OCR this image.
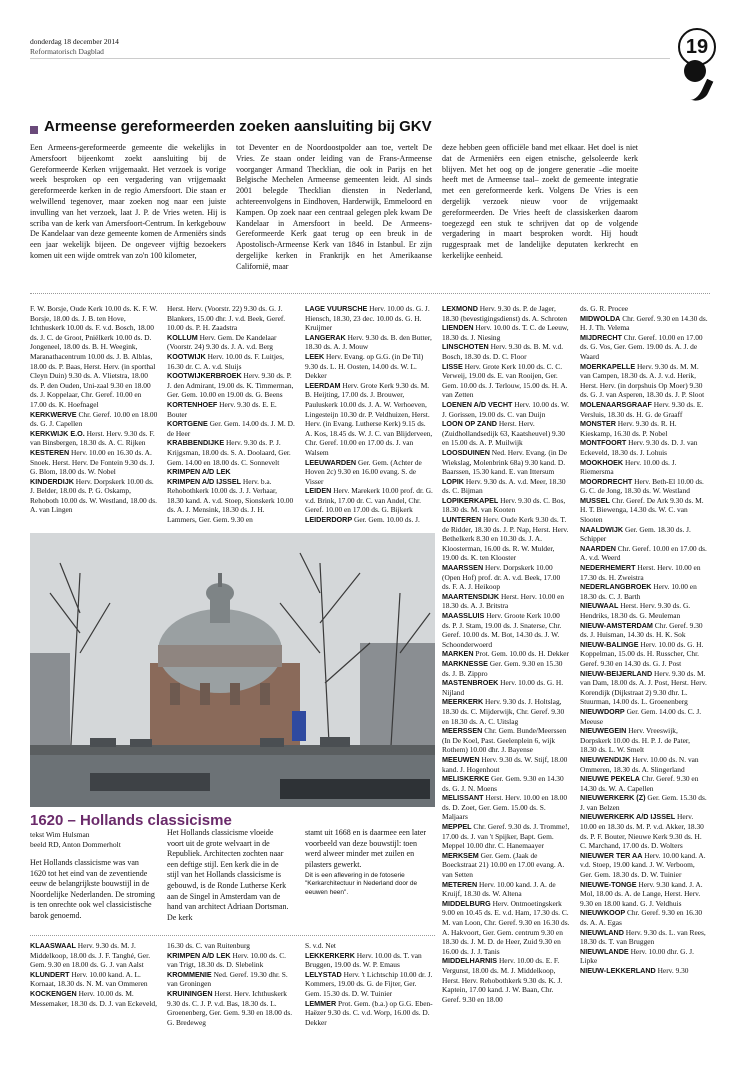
donderdag 18 december 2014
Reformatorisch Dagblad	19
Armeense gereformeerden zoeken aansluiting bij GKV
Een Armeens-gereformeerde gemeente die wekelijks in Amersfoort bijeenkomt zoekt aansluiting bij de Gereformeerde Kerken vrijgemaakt. Het verzoek is vorige week besproken op een vergadering van vrijgemaakt gereformeerde kerken in de regio Amersfoort. Die staan er welwillend tegenover, maar zoeken nog naar een juiste invulling van het verzoek, laat J. P. de Vries weten. Hij is scriba van de kerk van Amersfoort-Centrum. In kerkgebouw De Kandelaar van deze gemeente komen de Armeniërs sinds een jaar wekelijk bijeen. De ongeveer vijftig bezoekers komen uit een wijde omtrek van zo'n 100 kilometer,
tot Deventer en de Noordoostpolder aan toe, vertelt De Vries. Ze staan onder leiding van de Frans-Armeense voorganger Armand Thecklian, die ook in Parijs en het Belgische Mechelen Armeense gemeenten leidt. Al sinds 2001 belegde Thecklian diensten in Nederland, achtereenvolgens in Eindhoven, Harderwijk, Emmeloord en Kampen. Op zoek naar een centraal gelegen plek kwam De Kandelaar in Amersfoort in beeld. De Armeens-Gereformeerde Kerk gaat terug op een breuk in de Apostolisch-Armeense Kerk van 1846 in Istanbul. Er zijn dergelijke kerken in Frankrijk en het Amerikaanse Californië, maar
deze hebben geen officiële band met elkaar. Het doel is niet dat de Armeniërs een eigen etnische, gelsoleerde kerk blijven. Met het oog op de jongere generatie –die moeite heeft met de Armeense taal– zoekt de gemeente integratie met een gereformeerde kerk. Volgens De Vries is een dergelijk verzoek nieuw voor de vrijgemaakt gereformeerden. De Vries heeft de classiskerken daarom toegezegd een stuk te schrijven dat op de volgende vergadering in maart besproken wordt. Hij houdt ruggespraak met de landelijke deputaten kerkrecht en kerkelijke eenheid.

F. W. Borsje, Oude Kerk 10.00 ds. K. F. W. Borsje, 18.00 ds. J. B. ten Hove, Ichthuskerk 10.00 ds. F. v.d. Bosch, 18.00 ds. J. C. de Groot, Pniëlkerk 10.00 ds. D. Jongeneel, 18.00 ds. B. H. Weegink, Maranathacentrum 10.00 ds. J. B. Alblas, 18.00 ds. P. Baas, Herst. Herv. (in sporthal Cleyn Duin) 9.30 ds. A. Vlietstra, 18.00 ds. P. den Ouden, Uni-zaal 9.30 en 18.00 ds. J. Koppelaar, Chr. Geref. 10.00 en 17.00 ds. K. Hoefnagel

KERKWERVE Chr. Geref. 10.00 en 18.00 ds. G. J. Capellen

KERKWIJK E.O. Herst. Herv. 9.30 ds. F. van Binsbergen, 18.30 ds. A. C. Rijken

KESTEREN Herv. 10.00 en 16.30 ds. A. Snoek. Herst. Herv. De Fontein 9.30 ds. J. G. Blom, 18.00 ds. W. Nobel

KINDERDIJK Herv. Dorpskerk 10.00 ds. J. Belder, 18.00 ds. P. G. Oskamp, Rehoboth 10.00 ds. W. Westland, 18.00 ds. A. van Lingen

Herst. Herv. (Voorstr. 22) 9.30 ds. G. J. Blankers, 15.00 dhr. J. v.d. Beek, Geref. 10.00 ds. P. H. Zaadstra

KOLLUM Herv. Gem. De Kandelaar (Voorstr. 24) 9.30 ds. J. A. v.d. Berg

KOOTWIJK Herv. 10.00 ds. F. Luitjes, 16.30 dr. C. A. v.d. Sluijs

KOOTWIJKERBROEK Herv. 9.30 ds. P. J. den Admirant, 19.00 ds. K. Timmerman, Ger. Gem. 10.00 en 19.00 ds. G. Beens

KORTENHOEF Herv. 9.30 ds. E. E. Bouter

KORTGENE Ger. Gem. 14.00 ds. J. M. D. de Heer

KRABBENDIJKE Herv. 9.30 ds. P. J. Krijgsman, 18.00 ds. S. A. Doolaard, Ger. Gem. 14.00 en 18.00 ds. C. Sonnevelt

KRIMPEN A/D LEK

KRIMPEN A/D IJSSEL Herv. b.a. Rehobothkerk 10.00 ds. J. J. Verhaar, 18.30 kand. A. v.d. Stoep, Sionskerk 10.00 ds. A. J. Mensink, 18.30 ds. J. H. Lammers, Ger. Gem. 9.30 en

LAGE VUURSCHE Herv. 10.00 ds. G. J. Hiensch, 18.30, 23 dec. 10.00 ds. G. H. Kruijmer

LANGERAK Herv. 9.30 ds. B. den Butter, 18.30 ds. A. J. Mouw

LEEK Herv. Evang. op G.G. (in De Til) 9.30 ds. L. H. Oosten, 14.00 ds. W. L. Dekker

LEERDAM Herv. Grote Kerk 9.30 ds. M. B. Heijting, 17.00 ds. J. Brouwer, Pauluskerk 10.00 ds. J. A. W. Verhoeven, Lingesteijn 10.30 dr. P. Veldhuizen, Herst. Herv. (in Evang. Lutherse Kerk) 9.15 ds. A. Kos, 18.45 ds. W. J. C. van Blijderveen, Chr. Geref. 10.00 en 17.00 ds. J. van Walsem

LEEUWARDEN Ger. Gem. (Achter de Hoven 2c) 9.30 en 16.00 evang. S. de Visser

LEIDEN Herv. Marekerk 10.00 prof. dr. G. v.d. Brink, 17.00 dr. C. van Andel, Chr. Geref. 10.00 en 17.00 ds. G. Bijkerk

LEIDERDORP Ger. Gem. 10.00 ds. J.

LEXMOND Herv. 9.30 ds. P. de Jager, 18.30 (bevestigingsdienst) ds. A. Schroten

LIENDEN Herv. 10.00 ds. T. C. de Leeuw, 18.30 ds. J. Niesing

LINSCHOTEN Herv. 9.30 ds. B. M. v.d. Bosch, 18.30 ds. D. C. Floor

LISSE Herv. Grote Kerk 10.00 ds. C. C. Verweij, 19.00 ds. E. van Rooijen, Ger. Gem. 10.00 ds. J. Terlouw, 15.00 ds. H. A. van Zetten

LOENEN A/D VECHT Herv. 10.00 ds. W. J. Gorissen, 19.00 ds. C. van Duijn

LOON OP ZAND Herst. Herv. (Zuidhollandsedijk 63, Kaatsheuvel) 9.30 en 15.00 ds. A. P. Muilwijk

LOOSDUINEN Ned. Herv. Evang. (in De Wiekslag, Molenbrink 68a) 9.30 kand. D. Baarssen, 15.30 kand. E. van Ittersum

LOPIK Herv. 9.30 ds. A. v.d. Meer, 18.30 ds. C. Bijman

LOPIKERKAPEL Herv. 9.30 ds. C. Bos, 18.30 ds. M. van Kooten

LUNTEREN Herv. Oude Kerk 9.30 ds. T. de Ridder, 18.30 ds. J. P. Nap, Herst. Herv. Bethelkerk 8.30 en 10.30 ds. J. A. Kloosterman, 16.00 ds. R. W. Mulder, 19.00 ds. K. ten Klooster

MAARSSEN Herv. Dorpskerk 10.00 (Open Hof) prof. dr. A. v.d. Beek, 17.00 ds. F. A. J. Heikoop

MAARTENSDIJK Herst. Herv. 10.00 en 18.30 ds. A. J. Britstra

MAASSLUIS Herv. Groote Kerk 10.00 ds. P. J. Stam, 19.00 ds. J. Snaterse, Chr. Geref. 10.00 ds. M. Bot, 14.30 ds. J. W. Schoonderwoerd

MARKEN Prot. Gem. 10.00 ds. H. Dekker

MARKNESSE Ger. Gem. 9.30 en 15.30 ds. J. B. Zippro

MASTENBROEK Herv. 10.00 ds. G. H. Nijland

MEERKERK Herv. 9.30 ds. J. Holtslag, 18.30 ds. C. Mijderwijk, Chr. Geref. 9.30 en 18.30 ds. A. C. Uitslag

MEERSSEN Chr. Gem. Bunde/Meerssen (In De Koel, Past. Geelenplein 6, wijk Rothem) 10.00 dhr. J. Bayense

MEEUWEN Herv. 9.30 ds. W. Stijf, 18.00 kand. J. Hogenhout

MELISKERKE Ger. Gem. 9.30 en 14.30 ds. G. J. N. Moens

MELISSANT Herst. Herv. 10.00 en 18.00 ds. D. Zoet, Ger. Gem. 15.00 ds. S. Maljaars

MEPPEL Chr. Geref. 9.30 ds. J. Tromme!, 17.00 ds. J. van 't Spijker, Bapt. Gem. Meppel 10.00 dhr. C. Hanemaayer

MERKSEM Ger. Gem. (Jaak de Boeckstraat 21) 10.00 en 17.00 evang. A. van Setten

METEREN Herv. 10.00 kand. J. A. de Kruijf, 18.30 ds. W. Altena

MIDDELBURG Herv. Ontmoetingskerk 9.00 en 10.45 ds. E. v.d. Ham, 17.30 ds. C. M. van Loon, Chr. Geref. 9.30 en 16.30 ds. A. Hakvoort, Ger. Gem. centrum 9.30 en 18.30 ds. J. M. D. de Heer, Zuid 9.30 en 16.00 ds. J. J. Tanis

MIDDELHARNIS Herv. 10.00 ds. E. F. Vergunst, 18.00 ds. M. J. Middelkoop, Herst. Herv. Rehobothkerk 9.30 ds. K. J. Kaptein, 17.00 kand. J. W. Baan, Chr. Geref. 9.30 en 18.00

ds. G. R. Procee

MIDWOLDA Chr. Geref. 9.30 en 14.30 ds. H. J. Th. Velema

MIJDRECHT Chr. Geref. 10.00 en 17.00 ds. G. Vos, Ger. Gem. 19.00 ds. A. J. de Waard

MOERKAPELLE Herv. 9.30 ds. M. M. van Campen, 18.30 ds. A. J. v.d. Herik, Herst. Herv. (in dorpshuis Op Moer) 9.30 ds. G. J. van Asperen, 18.30 ds. J. P. Sloot

MOLENAARSGRAAF Herv. 9.30 ds. E. Versluis, 18.30 ds. H. G. de Graaff

MONSTER Herv. 9.30 ds. R. H. Kieskamp, 16.30 ds. P. Nobel

MONTFOORT Herv. 9.30 ds. D. J. van Eckeveld, 18.30 ds. J. Lohuis

MOOKHOEK Herv. 10.00 ds. J. Riemersma

MOORDRECHT Herv. Beth-El 10.00 ds. G. C. de Jong, 18.30 ds. W. Westland

MUSSEL Chr. Geref. De Ark 9.30 ds. M. H. T. Biewenga, 14.30 ds. W. C. van Slooten

NAALDWIJK Ger. Gem. 18.30 ds. J. Schipper

NAARDEN Chr. Geref. 10.00 en 17.00 ds. A. v.d. Weerd

NEDERHEMERT Herst. Herv. 10.00 en 17.30 ds. H. Zweistra

NEDERLANGBROEK Herv. 10.00 en 18.30 ds. C. J. Barth

NIEUWAAL Herst. Herv. 9.30 ds. G. Hendriks, 18.30 ds. G. Meuleman

NIEUW-AMSTERDAM Chr. Geref. 9.30 ds. J. Huisman, 14.30 ds. H. K. Sok

NIEUW-BALINGE Herv. 10.00 ds. G. H. Koppelman, 15.00 ds. H. Russcher, Chr. Geref. 9.30 en 14.30 ds. G. J. Post

NIEUW-BEIJERLAND Herv. 9.30 ds. M. van Dam, 18.00 ds. A. J. Post, Herst. Herv. Korendijk (Dijkstraat 2) 9.30 dhr. L. Stuurman, 14.00 ds. L. Groenenberg

NIEUWDORP Ger. Gem. 14.00 ds. C. J. Meeuse

NIEUWEGEIN Herv. Vreeswijk, Dorpskerk 10.00 ds. H. P. J. de Pater, 18.30 ds. L. W. Smelt

NIEUWENDIJK Herv. 10.00 ds. N. van Ommeren, 18.30 ds. A. Slingerland

NIEUWE PEKELA Chr. Geref. 9.30 en 14.30 ds. W. A. Capellen

NIEUWERKERK (Z) Ger. Gem. 15.30 ds. J. van Belzen

NIEUWERKERK A/D IJSSEL Herv. 10.00 en 18.30 ds. M. P. v.d. Akker, 18.30 ds. P. F. Bouter, Nieuwe Kerk 9.30 ds. H. C. Marchand, 17.00 ds. D. Wolters

NIEUWER TER AA Herv. 10.00 kand. A. v.d. Stoep, 19.00 kand. J. W. Verboom, Ger. Gem. 18.30 ds. D. W. Tuinier

NIEUWE-TONGE Herv. 9.30 kand. J. A. Mol, 18.00 ds. A. de Lange, Herst. Herv. 9.30 en 18.00 kand. G. J. Veldhuis

NIEUWKOOP Chr. Geref. 9.30 en 16.30 ds. A. A. Egas

NIEUWLAND Herv. 9.30 ds. L. van Rees, 18.30 ds. T. van Bruggen

NIEUWLANDE Herv. 10.00 dhr. G. J. Lipke

NIEUW-LEKKERLAND Herv. 9.30

1620 – Hollands classicisme
tekst Wim Hulsman
beeld RD, Anton Dommerholt
Het Hollands classicisme was van 1620 tot het eind van de zeventiende eeuw de belangrijkste bouwstijl in de Noordelijke Nederlanden. De stroming is ten onrechte ook wel classicistische barok genoemd.
Het Hollands classicisme vloeide voort uit de grote welvaart in de Republiek. Architecten zochten naar een deftige stijl. Een kerk die in de stijl van het Hollands classicisme is gebouwd, is de Ronde Lutherse Kerk aan de Singel in Amsterdam van de hand van architect Adriaan Dortsman. De kerk
stamt uit 1668 en is daarmee een later voorbeeld van deze bouwstijl: toen werd alweer minder met zuilen en pilasters gewerkt.
Dit is een aflevering in de fotoserie "Kerkarchitectuur in Nederland door de eeuwen heen".

KLAASWAAL Herv. 9.30 ds. M. J. Middelkoop, 18.00 ds. J. F. Tanghé, Ger. Gem. 9.30 en 18.00 ds. G. J. van Aalst

KLUNDERT Herv. 10.00 kand. A. L. Kornaat, 18.30 ds. N. M. van Ommeren

KOCKENGEN Herv. 10.00 ds. M. Messemaker, 18.30 ds. D. J. van Eckeveld,

16.30 ds. C. van Ruitenburg

KRIMPEN A/D LEK Herv. 10.00 ds. C. van Trigt, 18.30 ds. D. Slebelink

KROMMENIE Ned. Geref. 19.30 dhr. S. van Groningen

KRUININGEN Herst. Herv. Ichthuskerk 9.30 ds. C. J. P. v.d. Bas, 18.30 ds. L. Groenenberg, Ger. Gem. 9.30 en 18.00 ds. G. Bredeweg

S. v.d. Net

LEKKERKERK Herv. 10.00 ds. T. van Bruggen, 19.00 ds. W. P. Emaus

LELYSTAD Herv. 't Lichtschip 10.00 dr. J. Kommers, 19.00 ds. G. de Fijter, Ger. Gem. 15.30 ds. D. W. Tuinier

LEMMER Prot. Gem. (b.a.) op G.G. Eben-Haëzer 9.30 ds. C. v.d. Worp, 16.00 ds. D. Dekker
